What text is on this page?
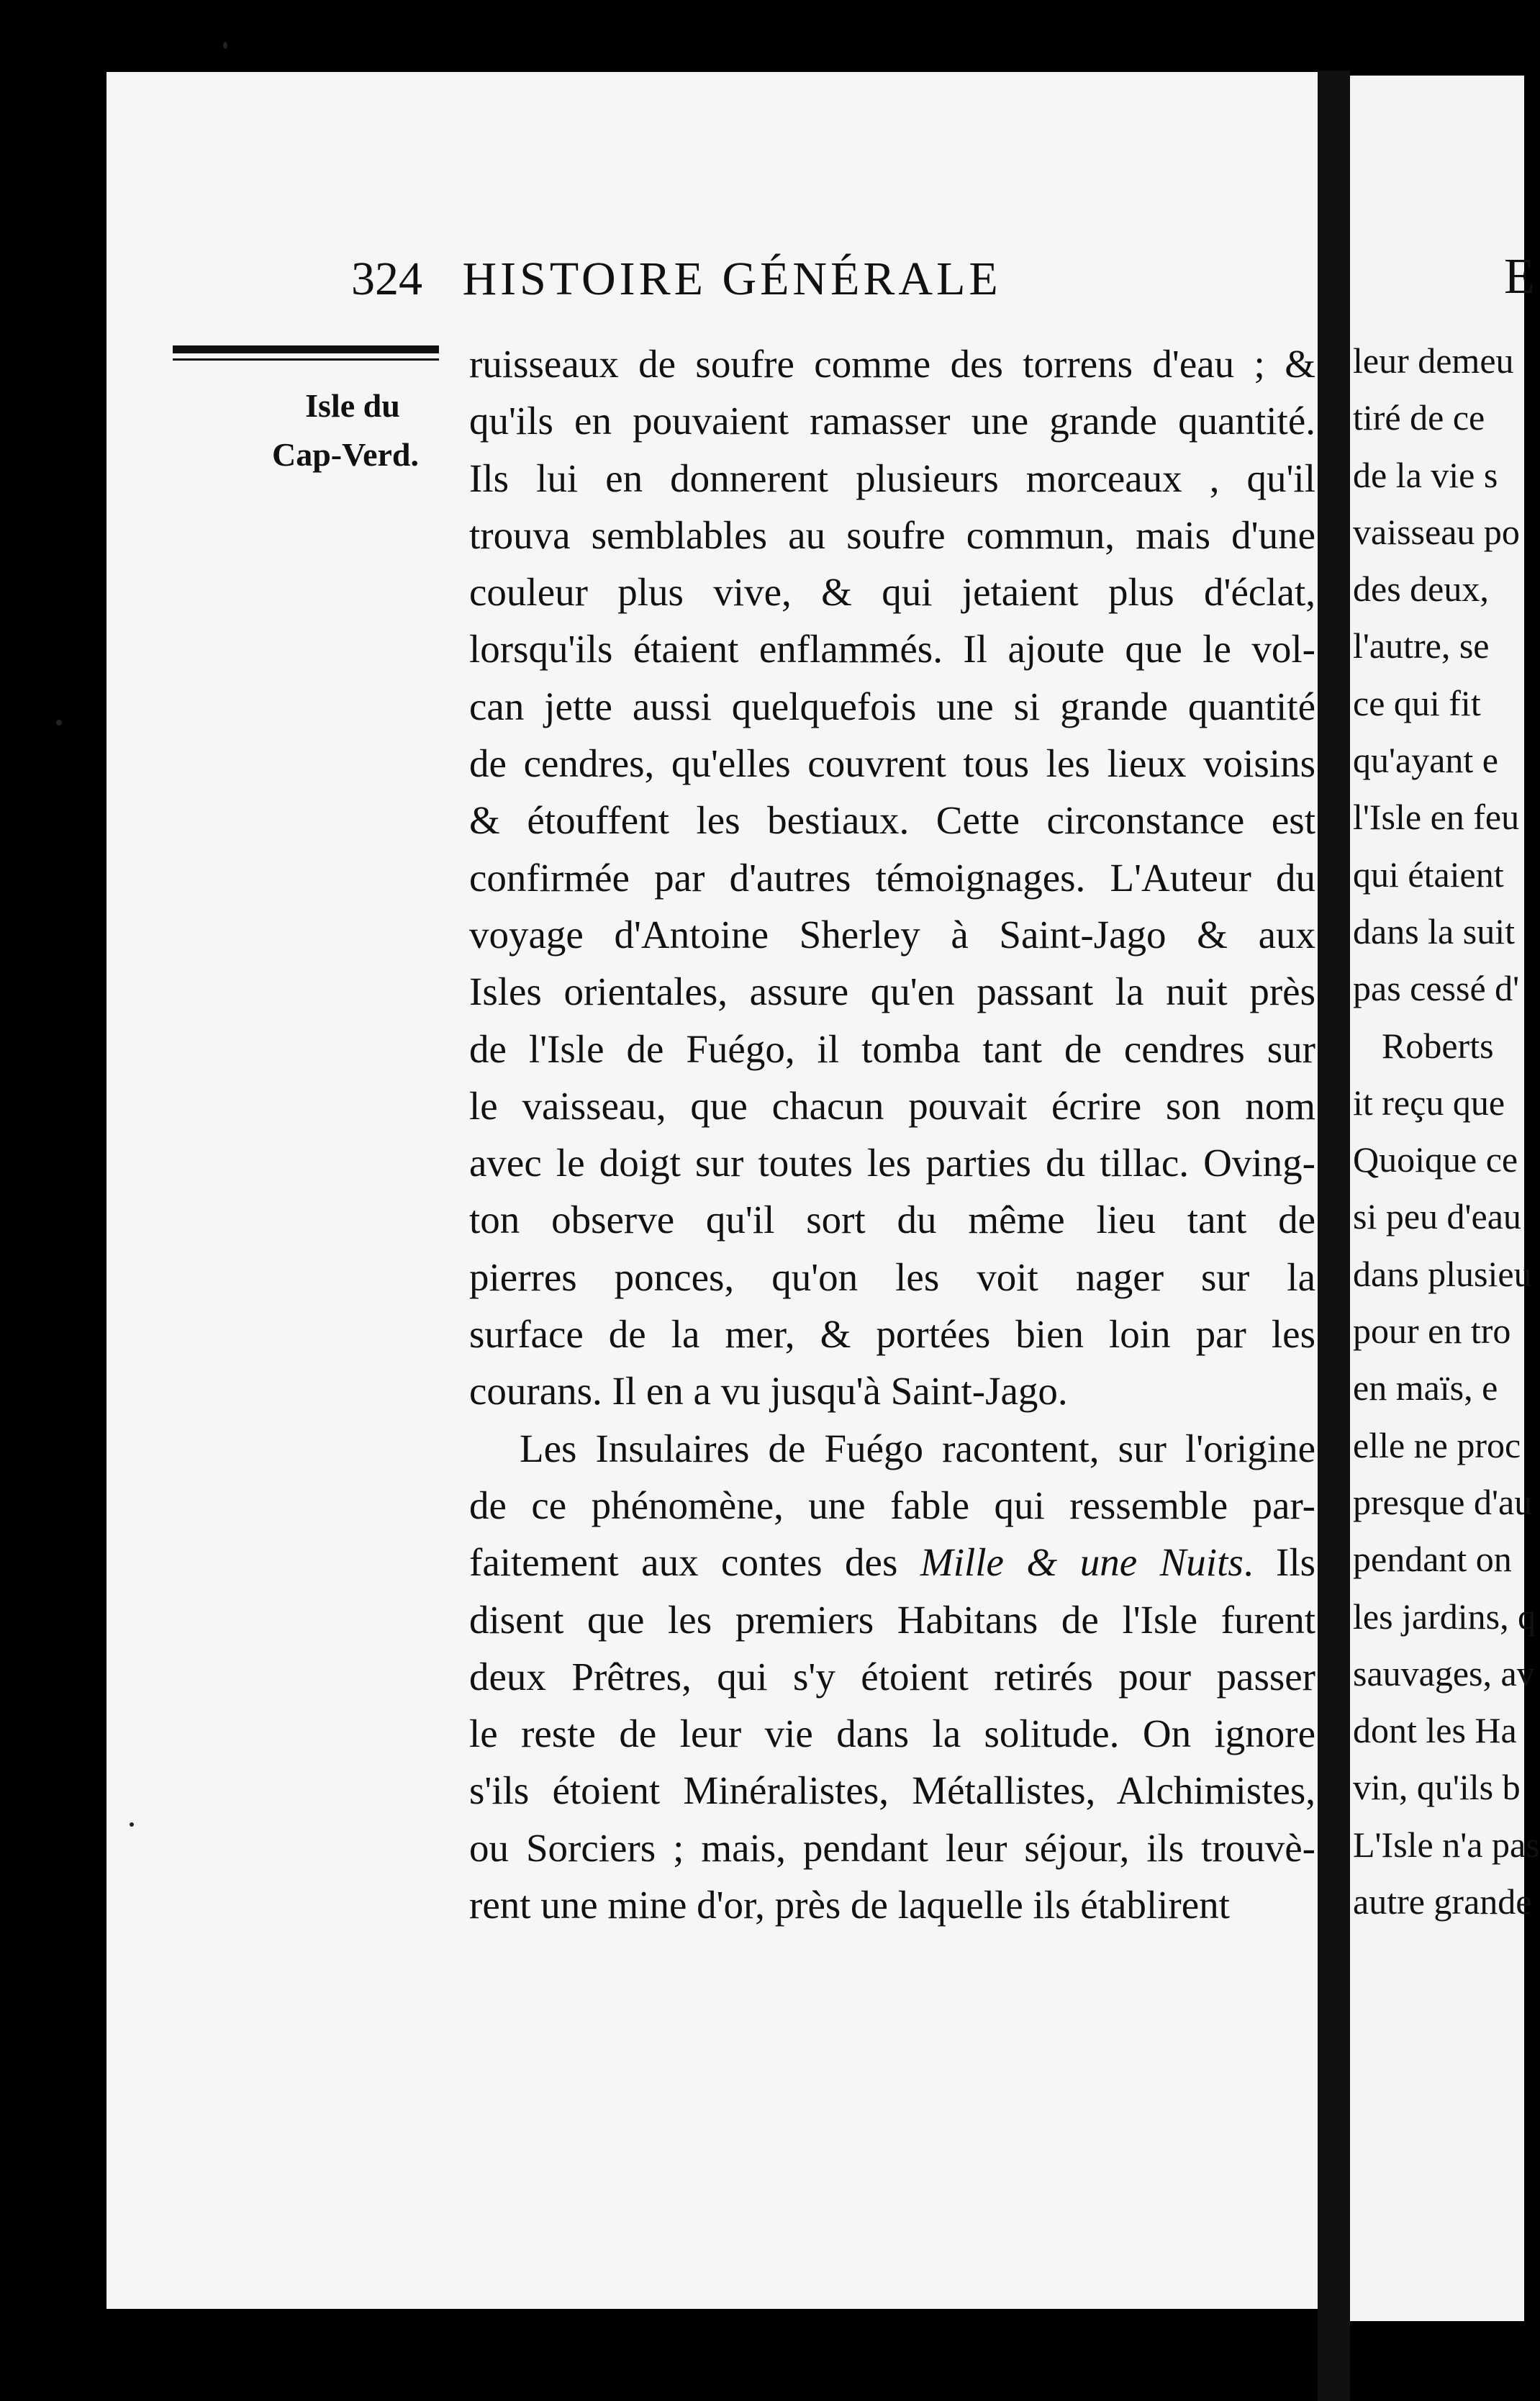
324 HISTOIRE GÉNÉRALE	E
Isle du
Cap-Verd.
ruisseaux de soufre comme des torrens d'eau ; &
qu'ils en pouvaient ramasser une grande quantité.
Ils lui en donnerent plusieurs morceaux , qu'il
trouva semblables au soufre commun, mais d'une
couleur plus vive, & qui jetaient plus d'éclat,
lorsqu'ils étaient enflammés. Il ajoute que le vol-
can jette aussi quelquefois une si grande quantité
de cendres, qu'elles couvrent tous les lieux voisins
& étouffent les bestiaux. Cette circonstance est
confirmée par d'autres témoignages. L'Auteur du
voyage d'Antoine Sherley à Saint-Jago & aux
Isles orientales, assure qu'en passant la nuit près
de l'Isle de Fuégo, il tomba tant de cendres sur
le vaisseau, que chacun pouvait écrire son nom
avec le doigt sur toutes les parties du tillac. Oving-
ton observe qu'il sort du même lieu tant de
pierres ponces, qu'on les voit nager sur la
surface de la mer, & portées bien loin par les
courans. Il en a vu jusqu'à Saint-Jago.
Les Insulaires de Fuégo racontent, sur l'origine
de ce phénomène, une fable qui ressemble par-
faitement aux contes des Mille & une Nuits. Ils
disent que les premiers Habitans de l'Isle furent
deux Prêtres, qui s'y étoient retirés pour passer
le reste de leur vie dans la solitude. On ignore
s'ils étoient Minéralistes, Métallistes, Alchimistes,
ou Sorciers ; mais, pendant leur séjour, ils trouvè-
rent une mine d'or, près de laquelle ils établirent
leur demeu
tiré de ce
de la vie s
vaisseau po
des deux,
l'autre, se
ce qui fit
qu'ayant e
l'Isle en feu
qui étaient
dans la suit
pas cessé d'
Roberts
it reçu que
Quoique ce
si peu d'eau
dans plusieu
pour en tro
en maïs, e
elle ne proc
presque d'au
pendant on
les jardins, q
sauvages, av
dont les Ha
vin, qu'ils b
L'Isle n'a pas
autre grande
